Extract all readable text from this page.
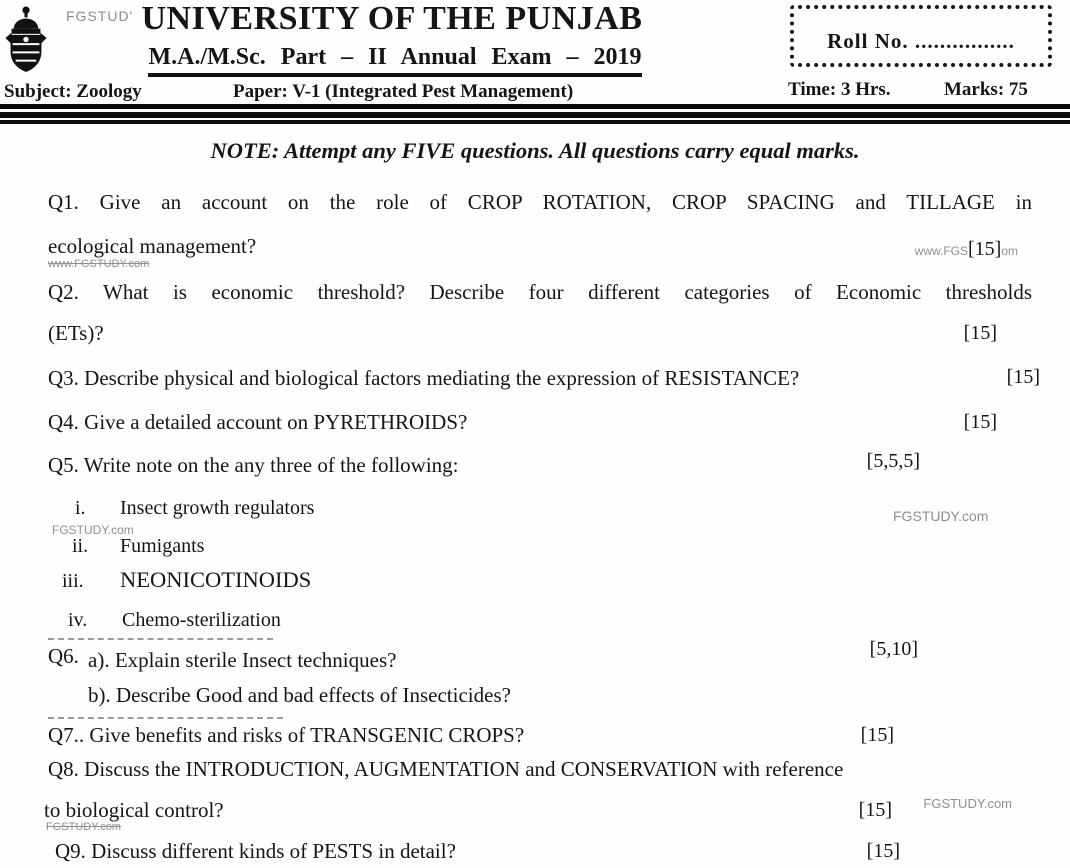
FGSTUD' UNIVERSITY OF THE PUNJAB
M.A./M.Sc. Part – II Annual Exam – 2019
Subject: Zoology	Paper: V-1 (Integrated Pest Management)
Roll No. ................
Time: 3 Hrs.	Marks: 75
NOTE: Attempt any FIVE questions. All questions carry equal marks.
Q1. Give an account on the role of CROP ROTATION, CROP SPACING and TILLAGE in
ecological management?	www.FGS[15]om
www.FGSTUDY.com
Q2. What is economic threshold? Describe four different categories of Economic thresholds
(ETs)?	[15]
Q3. Describe physical and biological factors mediating the expression of RESISTANCE?	[15]
Q4. Give a detailed account on PYRETHROIDS?	[15]
Q5. Write note on the any three of the following:	[5,5,5]
i. Insect growth regulators	FGSTUDY.com
FGSTUDY.com
ii. Fumigants
iii. NEONICOTINOIDS
iv. Chemo-sterilization
Q6. a). Explain sterile Insect techniques?	[5,10]
b). Describe Good and bad effects of Insecticides?
Q7.. Give benefits and risks of TRANSGENIC CROPS?	[15]
Q8. Discuss the INTRODUCTION, AUGMENTATION and CONSERVATION with reference
to biological control?	[15] FGSTUDY.com
FGSTUDY.com
Q9. Discuss different kinds of PESTS in detail?	[15]
